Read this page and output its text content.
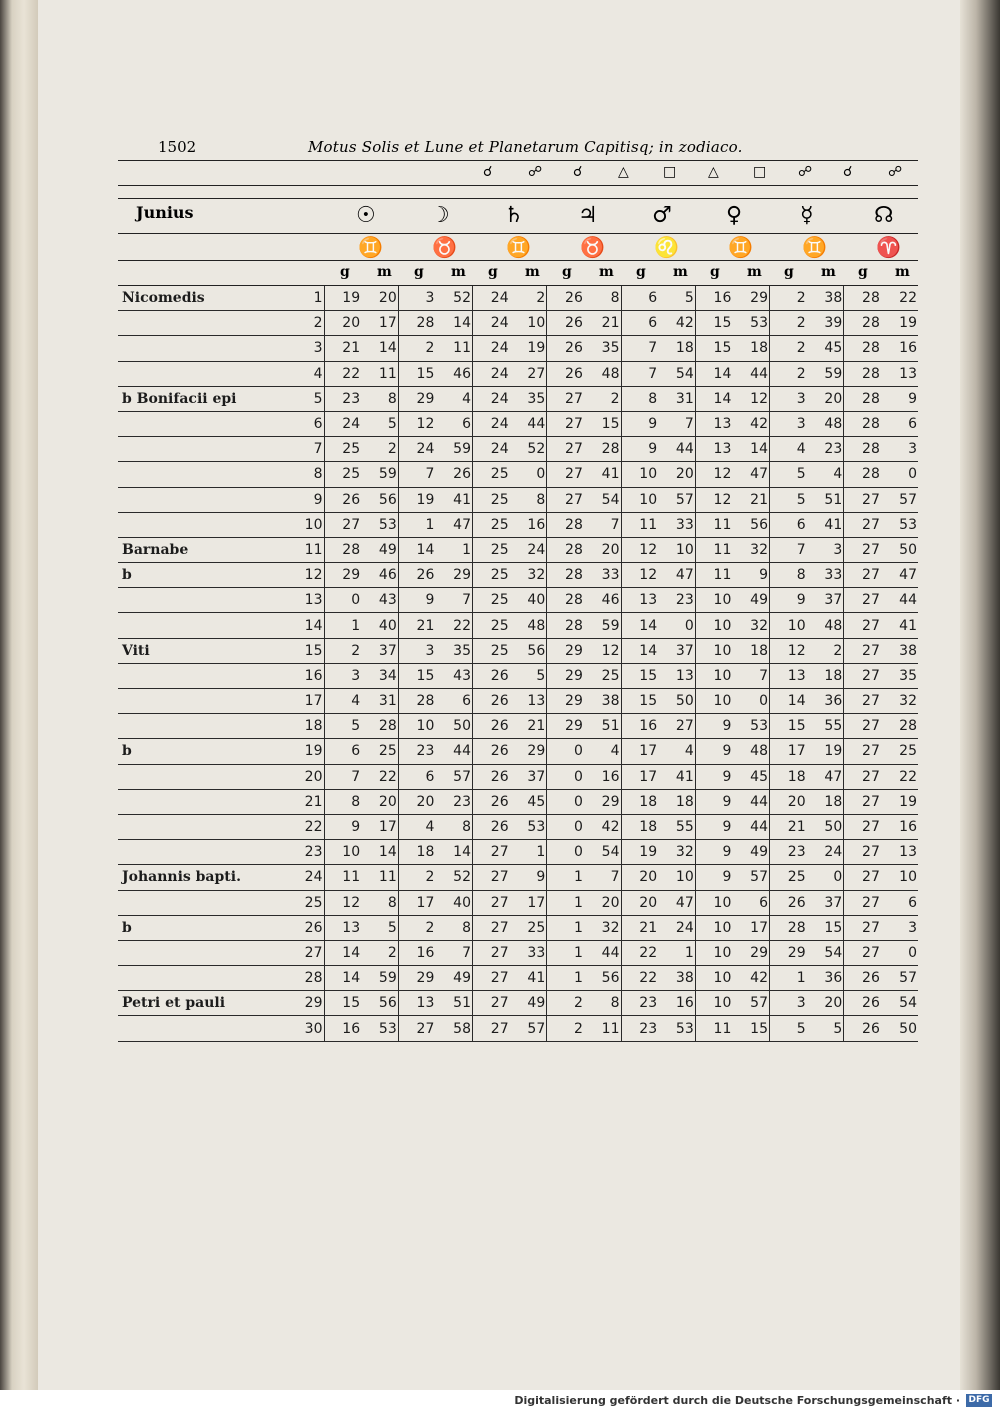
1502	Motus Solis et Lune et Planetarum Capitisq; in zodiaco.
☌	☍ ☌	△ □ △ □ ☍ ☌	☍
Junius	☉ ☽ ♄ ♃ ♂ ♀	☿	☊
♊ ♉ ♊ ♉ ♌ ♊ ♊ ♈
g m g m g m g m g m g m g m g m
Nicomedis	1	19	20	3	52	24	2	26	8	6	5	16	29	2	38	28	22
	2	20	17	28	14	24	10	26	21	6	42	15	53	2	39	28	19
	3	21	14	2	11	24	19	26	35	7	18	15	18	2	45	28	16
	4	22	11	15	46	24	27	26	48	7	54	14	44	2	59	28	13
b Bonifacii epi	5	23	8	29	4	24	35	27	2	8	31	14	12	3	20	28	9
	6	24	5	12	6	24	44	27	15	9	7	13	42	3	48	28	6
	7	25	2	24	59	24	52	27	28	9	44	13	14	4	23	28	3
	8	25	59	7	26	25	0	27	41	10	20	12	47	5	4	28	0
	9	26	56	19	41	25	8	27	54	10	57	12	21	5	51	27	57
	10	27	53	1	47	25	16	28	7	11	33	11	56	6	41	27	53
Barnabe	11	28	49	14	1	25	24	28	20	12	10	11	32	7	3	27	50
b	12	29	46	26	29	25	32	28	33	12	47	11	9	8	33	27	47
	13	0	43	9	7	25	40	28	46	13	23	10	49	9	37	27	44
	14	1	40	21	22	25	48	28	59	14	0	10	32	10	48	27	41
Viti	15	2	37	3	35	25	56	29	12	14	37	10	18	12	2	27	38
	16	3	34	15	43	26	5	29	25	15	13	10	7	13	18	27	35
	17	4	31	28	6	26	13	29	38	15	50	10	0	14	36	27	32
	18	5	28	10	50	26	21	29	51	16	27	9	53	15	55	27	28
b	19	6	25	23	44	26	29	0	4	17	4	9	48	17	19	27	25
	20	7	22	6	57	26	37	0	16	17	41	9	45	18	47	27	22
	21	8	20	20	23	26	45	0	29	18	18	9	44	20	18	27	19
	22	9	17	4	8	26	53	0	42	18	55	9	44	21	50	27	16
	23	10	14	18	14	27	1	0	54	19	32	9	49	23	24	27	13
Johannis bapti.	24	11	11	2	52	27	9	1	7	20	10	9	57	25	0	27	10
	25	12	8	17	40	27	17	1	20	20	47	10	6	26	37	27	6
b	26	13	5	2	8	27	25	1	32	21	24	10	17	28	15	27	3
	27	14	2	16	7	27	33	1	44	22	1	10	29	29	54	27	0
	28	14	59	29	49	27	41	1	56	22	38	10	42	1	36	26	57
Petri et pauli	29	15	56	13	51	27	49	2	8	23	16	10	57	3	20	26	54
	30	16	53	27	58	27	57	2	11	23	53	11	15	5	5	26	50
Digitalisierung gefördert durch die Deutsche Forschungsgemeinschaft · DFG
